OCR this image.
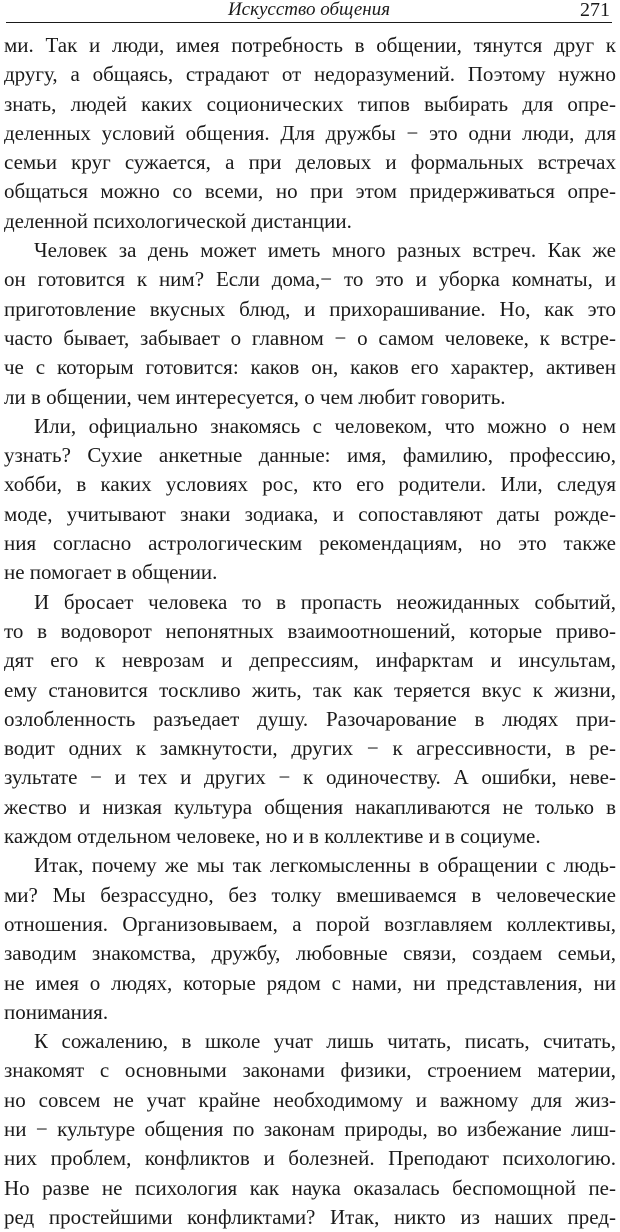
Искусство общения	271
ми. Так и люди, имея потребность в общении, тянутся друг к
другу, а общаясь, страдают от недоразумений. Поэтому нужно
знать, людей каких соционических типов выбирать для опре-
деленных условий общения. Для дружбы − это одни люди, для
семьи круг сужается, а при деловых и формальных встречах
общаться можно со всеми, но при этом придерживаться опре-
деленной психологической дистанции.
Человек за день может иметь много разных встреч. Как же
он готовится к ним? Если дома,− то это и уборка комнаты, и
приготовление вкусных блюд, и прихорашивание. Но, как это
часто бывает, забывает о главном − о самом человеке, к встре-
че с которым готовится: каков он, каков его характер, активен
ли в общении, чем интересуется, о чем любит говорить.
Или, официально знакомясь с человеком, что можно о нем
узнать? Сухие анкетные данные: имя, фамилию, профессию,
хобби, в каких условиях рос, кто его родители. Или, следуя
моде, учитывают знаки зодиака, и сопоставляют даты рожде-
ния согласно астрологическим рекомендациям, но это также
не помогает в общении.
И бросает человека то в пропасть неожиданных событий,
то в водоворот непонятных взаимоотношений, которые приво-
дят его к неврозам и депрессиям, инфарктам и инсультам,
ему становится тоскливо жить, так как теряется вкус к жизни,
озлобленность разъедает душу. Разочарование в людях при-
водит одних к замкнутости, других − к агрессивности, в ре-
зультате − и тех и других − к одиночеству. А ошибки, неве-
жество и низкая культура общения накапливаются не только в
каждом отдельном человеке, но и в коллективе и в социуме.
Итак, почему же мы так легкомысленны в обращении с людь-
ми? Мы безрассудно, без толку вмешиваемся в человеческие
отношения. Организовываем, а порой возглавляем коллективы,
заводим знакомства, дружбу, любовные связи, создаем семьи,
не имея о людях, которые рядом с нами, ни представления, ни
понимания.
К сожалению, в школе учат лишь читать, писать, считать,
знакомят с основными законами физики, строением материи,
но совсем не учат крайне необходимому и важному для жиз-
ни − культуре общения по законам природы, во избежание лиш-
них проблем, конфликтов и болезней. Преподают психологию.
Но разве не психология как наука оказалась беспомощной пе-
ред простейшими конфликтами? Итак, никто из наших пред-
